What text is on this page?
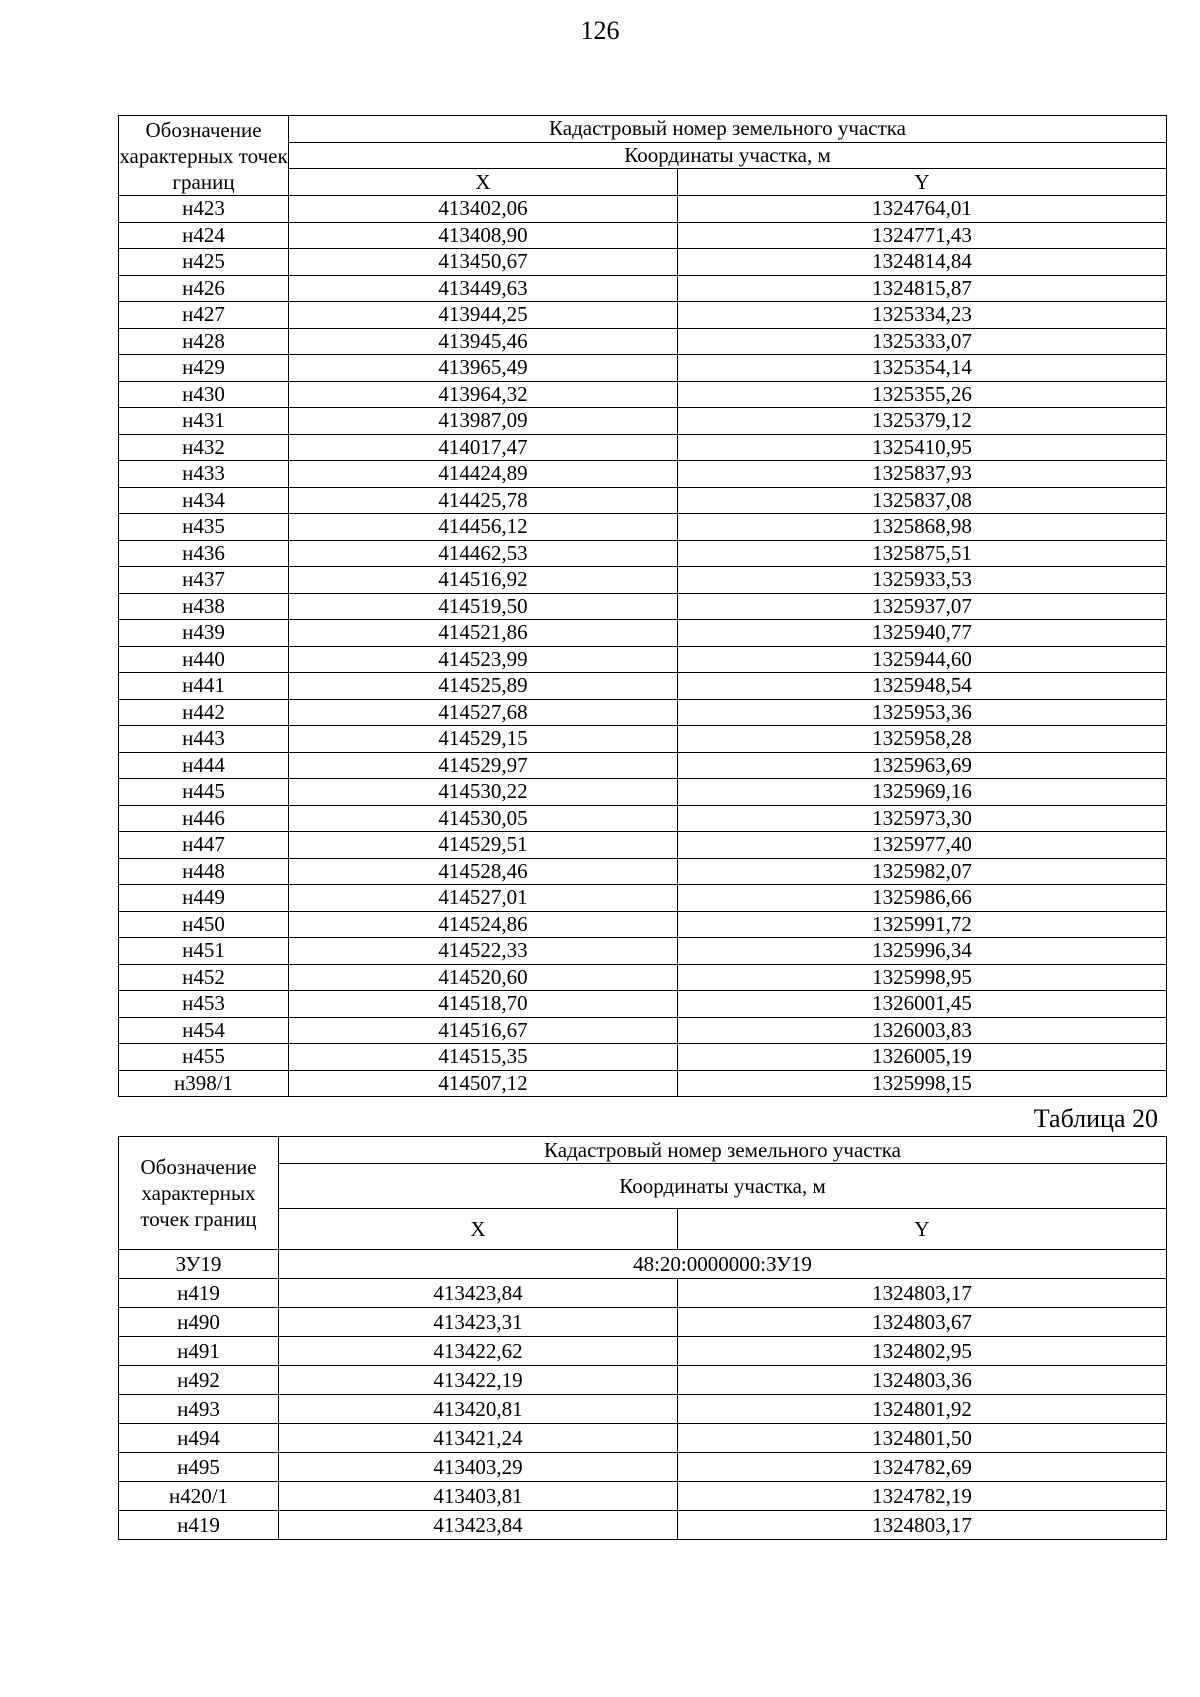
126
Обозначение характерных точек границ	Кадастровый номер земельного участка	
	Координаты участка, м	
	X	Y
н423	413402,06	1324764,01
н424	413408,90	1324771,43
н425	413450,67	1324814,84
н426	413449,63	1324815,87
н427	413944,25	1325334,23
н428	413945,46	1325333,07
н429	413965,49	1325354,14
н430	413964,32	1325355,26
н431	413987,09	1325379,12
н432	414017,47	1325410,95
н433	414424,89	1325837,93
н434	414425,78	1325837,08
н435	414456,12	1325868,98
н436	414462,53	1325875,51
н437	414516,92	1325933,53
н438	414519,50	1325937,07
н439	414521,86	1325940,77
н440	414523,99	1325944,60
н441	414525,89	1325948,54
н442	414527,68	1325953,36
н443	414529,15	1325958,28
н444	414529,97	1325963,69
н445	414530,22	1325969,16
н446	414530,05	1325973,30
н447	414529,51	1325977,40
н448	414528,46	1325982,07
н449	414527,01	1325986,66
н450	414524,86	1325991,72
н451	414522,33	1325996,34
н452	414520,60	1325998,95
н453	414518,70	1326001,45
н454	414516,67	1326003,83
н455	414515,35	1326005,19
н398/1	414507,12	1325998,15
Таблица 20
Обозначение характерных точек границ	Кадастровый номер земельного участка	
	Координаты участка, м	
	X	Y
ЗУ19	48:20:0000000:ЗУ19	
н419	413423,84	1324803,17
н490	413423,31	1324803,67
н491	413422,62	1324802,95
н492	413422,19	1324803,36
н493	413420,81	1324801,92
н494	413421,24	1324801,50
н495	413403,29	1324782,69
н420/1	413403,81	1324782,19
н419	413423,84	1324803,17
